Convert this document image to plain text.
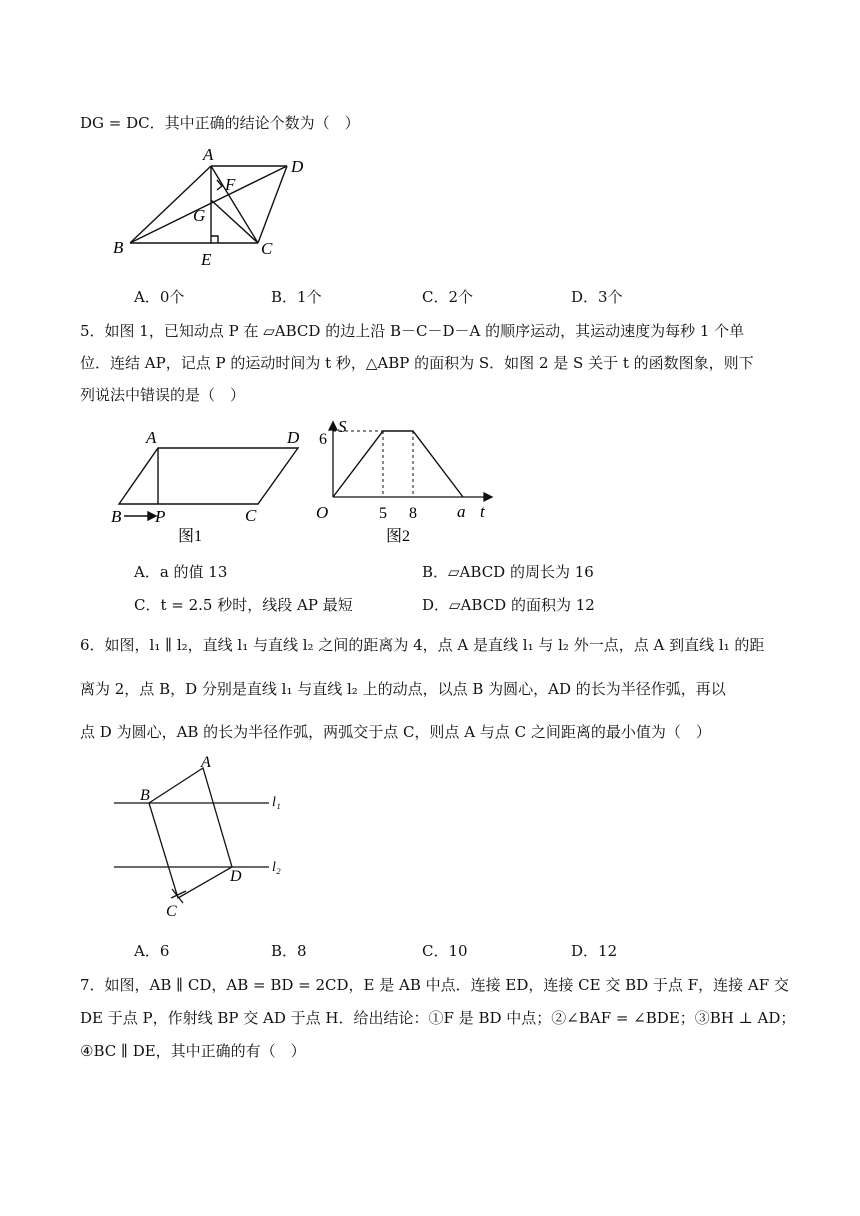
DG = DC．其中正确的结论个数为（　）
A
D
F
G
B	C
E
A．0个	B．1个	C．2个	D．3个
5．如图 1，已知动点 P 在 ▱ABCD 的边上沿 B－C－D－A 的顺序运动，其运动速度为每秒 1 个单
位．连结 AP，记点 P 的运动时间为 t 秒，△ABP 的面积为 S．如图 2 是 S 关于 t 的函数图象，则下
列说法中错误的是（　）
A	D
B P	C
图1
S
t
O
6
5 8 a
图2
A．a 的值 13	B．▱ABCD 的周长为 16
C．t = 2.5 秒时，线段 AP 最短	D．▱ABCD 的面积为 12
6．如图，l₁ ∥ l₂，直线 l₁ 与直线 l₂ 之间的距离为 4，点 A 是直线 l₁ 与 l₂ 外一点，点 A 到直线 l₁ 的距
离为 2，点 B，D 分别是直线 l₁ 与直线 l₂ 上的动点，以点 B 为圆心，AD 的长为半径作弧，再以
点 D 为圆心，AB 的长为半径作弧，两弧交于点 C，则点 A 与点 C 之间距离的最小值为（　）
A
B
D
C
l₁
l₂
A．6	B．8	C．10	D．12
7．如图，AB ∥ CD，AB = BD = 2CD，E 是 AB 中点．连接 ED，连接 CE 交 BD 于点 F，连接 AF 交
DE 于点 P，作射线 BP 交 AD 于点 H．给出结论：①F 是 BD 中点；②∠BAF = ∠BDE；③BH ⊥ AD；
④BC ∥ DE，其中正确的有（　）
